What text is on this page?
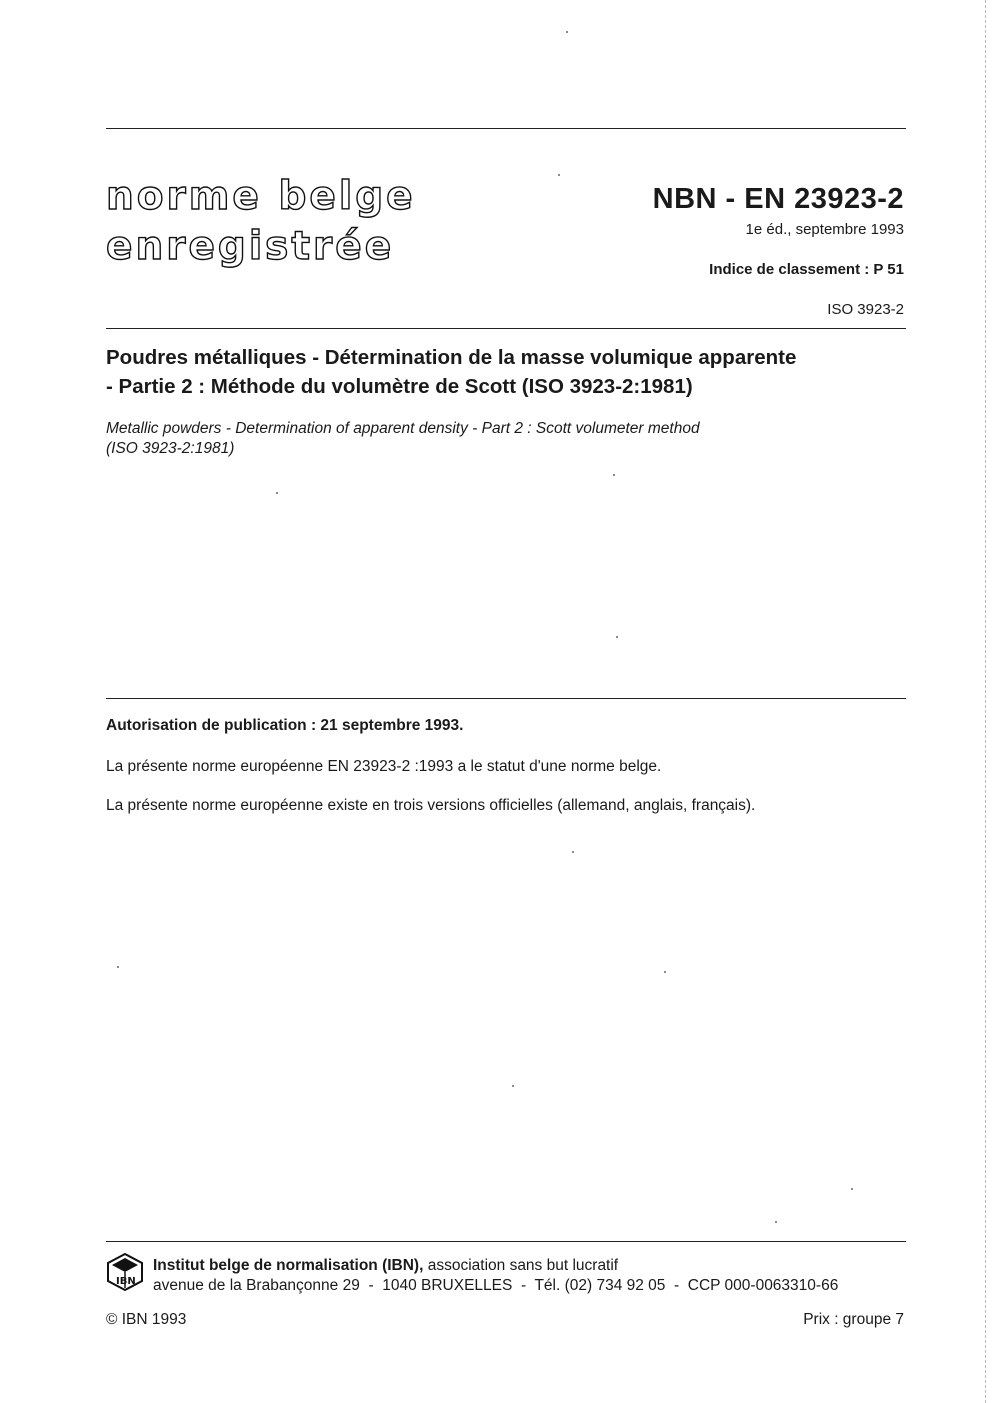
norme belge
enregistrée
NBN - EN 23923-2
1e éd., septembre 1993
Indice de classement : P 51
ISO 3923-2
Poudres métalliques - Détermination de la masse volumique apparente
- Partie 2 : Méthode du volumètre de Scott (ISO 3923-2:1981)
Metallic powders - Determination of apparent density - Part 2 : Scott volumeter method
(ISO 3923-2:1981)
Autorisation de publication : 21 septembre 1993.
La présente norme européenne EN 23923-2 :1993 a le statut d'une norme belge.
La présente norme européenne existe en trois versions officielles (allemand, anglais, français).
IBN
Institut belge de normalisation (IBN), association sans but lucratif
avenue de la Brabançonne 29  -  1040 BRUXELLES  -  Tél. (02) 734 92 05  -  CCP 000-0063310-66
© IBN 1993	Prix : groupe 7
